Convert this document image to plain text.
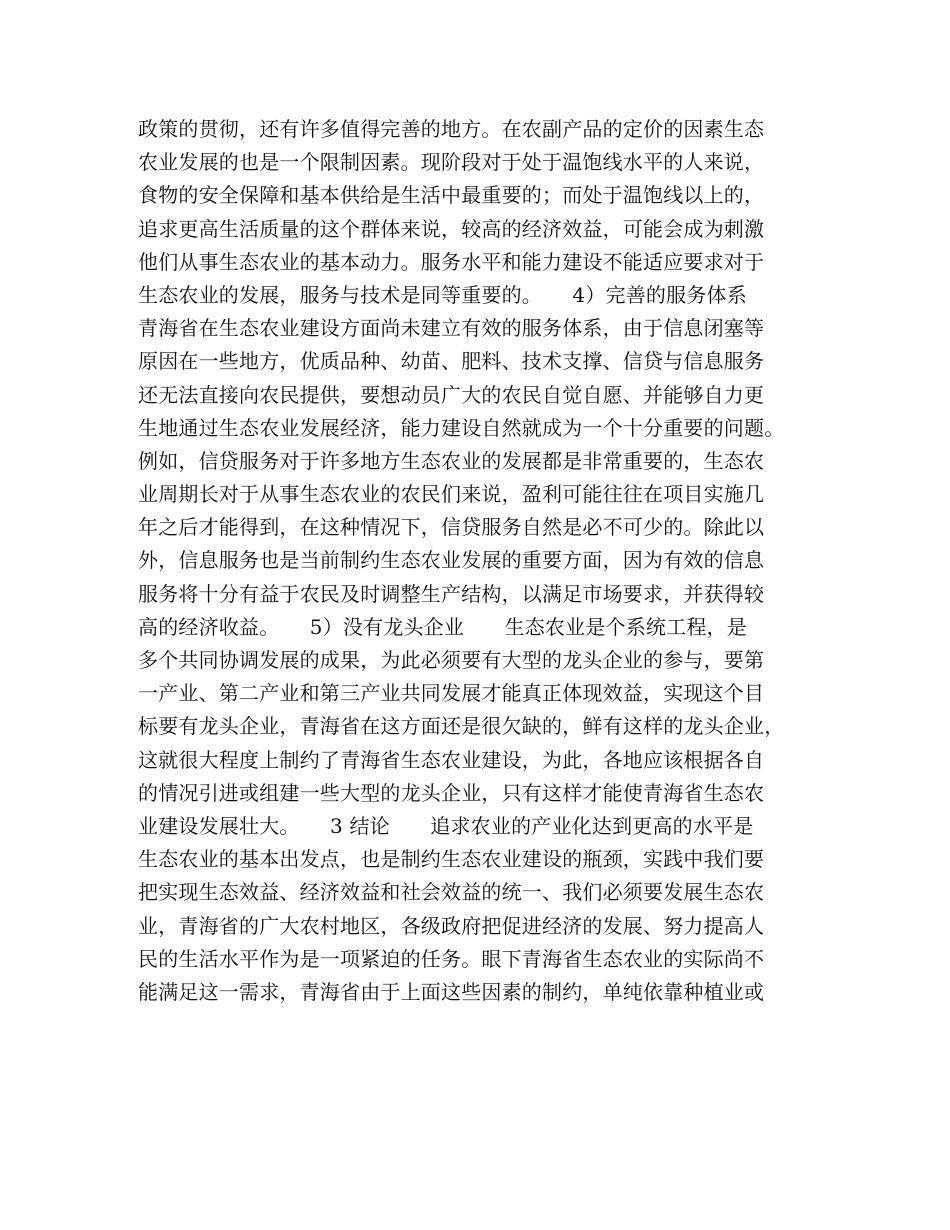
政策的贯彻，还有许多值得完善的地方。在农副产品的定价的因素生态
农业发展的也是一个限制因素。现阶段对于处于温饱线水平的人来说，
食物的安全保障和基本供给是生活中最重要的；而处于温饱线以上的，
追求更高生活质量的这个群体来说，较高的经济效益，可能会成为刺激
他们从事生态农业的基本动力。服务水平和能力建设不能适应要求对于
生态农业的发展，服务与技术是同等重要的。　　4）完善的服务体系
青海省在生态农业建设方面尚未建立有效的服务体系，由于信息闭塞等
原因在一些地方，优质品种、幼苗、肥料、技术支撑、信贷与信息服务
还无法直接向农民提供，要想动员广大的农民自觉自愿、并能够自力更
生地通过生态农业发展经济，能力建设自然就成为一个十分重要的问题。
例如，信贷服务对于许多地方生态农业的发展都是非常重要的，生态农
业周期长对于从事生态农业的农民们来说，盈利可能往往在项目实施几
年之后才能得到，在这种情况下，信贷服务自然是必不可少的。除此以
外，信息服务也是当前制约生态农业发展的重要方面，因为有效的信息
服务将十分有益于农民及时调整生产结构，以满足市场要求，并获得较
高的经济收益。　　5）没有龙头企业　　生态农业是个系统工程，是
多个共同协调发展的成果，为此必须要有大型的龙头企业的参与，要第
一产业、第二产业和第三产业共同发展才能真正体现效益，实现这个目
标要有龙头企业，青海省在这方面还是很欠缺的，鲜有这样的龙头企业，
这就很大程度上制约了青海省生态农业建设，为此，各地应该根据各自
的情况引进或组建一些大型的龙头企业，只有这样才能使青海省生态农
业建设发展壮大。　　3 结论　　追求农业的产业化达到更高的水平是
生态农业的基本出发点，也是制约生态农业建设的瓶颈，实践中我们要
把实现生态效益、经济效益和社会效益的统一、我们必须要发展生态农
业，青海省的广大农村地区，各级政府把促进经济的发展、努力提高人
民的生活水平作为是一项紧迫的任务。眼下青海省生态农业的实际尚不
能满足这一需求，青海省由于上面这些因素的制约，单纯依靠种植业或
